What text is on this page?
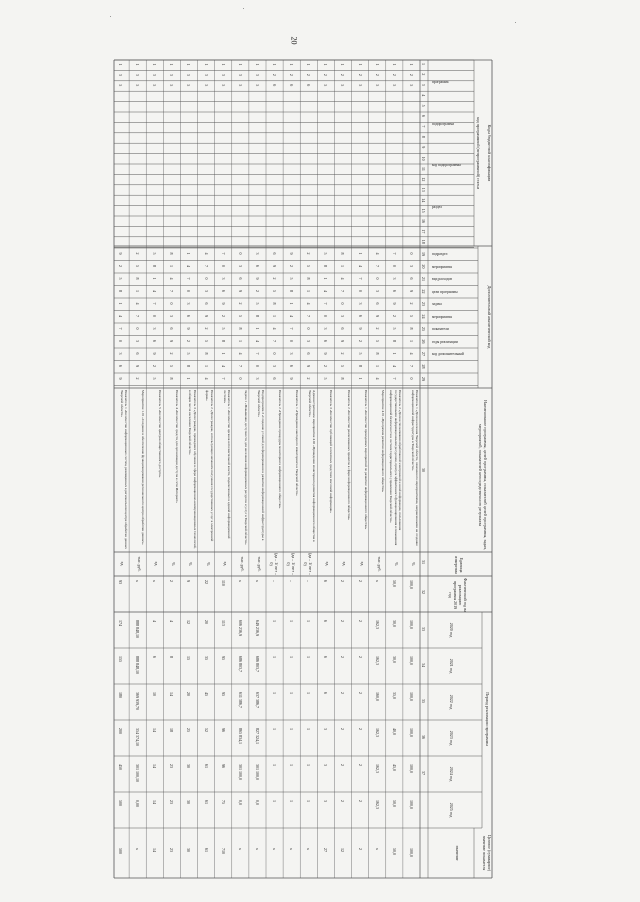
20
Коды бюджетной классификации
код программной (непрограммной) статьи
Дополнительный аналитический код
Наименование программы, целей программы, показателей целей программы, задач, мероприятий, показателей непосредственного результата
Единица измерения
Фактический год на реализацию программы 2019 год
Период реализации программы
Целевое (суммарное) значение показателя
значение
программа
подпрограмма
код подпрограммы
раздел
подраздел
мероприятия
вид расходов
цели программы
задача
мероприятия
показатели
годы реализации
код дополнительный
2020 год
2021 год
2022 год
2023 год
2024 год
2025 год
1
2
3
4
5
6
7
8
9
10
11
12
13
14
15
16
17
18
19
20
21
22
23
24
25
26
27
28
29
30
31
32
33
34
35
36
37
1
2
5
0
3
6
9
2
5
8
1
4
7
0
Показатель 1 «Доля населения Тверской области, охваченного мероприятиями, направленными на создание информационной инфраструктуры в Тверской области»
%
100,0
100,0
100,0
100,0
100,0
100,0
100,0
100,0
1
2
5
7
0
3
6
9
2
5
8
1
4
7
Показатель 2 «Доля использования обработанной электронной и иной информации, пользования государственными информационными ресурсами, пропуск эффективного функционирования и повышения информационной безопасности в системе территориального управления Тверской области»
%
50,0
30,0
30,0
35,0
40,0
45,0
50,0
50,0
1
2
5
4
7
0
3
6
9
2
5
8
1
4
Мероприятие 4.01 «Программа развития информационного общества»
тыс. руб.
х
162,3
162,3
160,0
162,3
162,3
162,3
х
1
2
5
1
4
7
0
3
6
9
2
5
8
1
Показатель 1 «Количество проводимых мероприятий по развитию информационного общества»
ед.
2
2
2
2
2
2
2
2
1
2
5
8
1
4
7
0
3
6
9
2
5
8
Показатель 2 «Количество реализованных проектов в сфере информационного общества»
ед.
2
2
2
2
2
2
2
12
1
2
5
5
8
1
4
7
0
3
6
9
2
5
Показатель 3 «Количество публикаций в печатных средствах массовой информации»
ед.
6
6
6
6
3
3
3
27
1
2
6
2
5
8
1
4
7
0
3
6
9
2
Административное мероприятие 4.02 «Проведение мониторинга развития информационного общества в Тверской области»
(да – 1/ нет – 0)
–
1
1
1
1
1
1
х
1
2
6
9
2
5
8
1
4
7
0
3
6
9
Показатель 1 «Проведение ежегодного мониторинга в Тверской области»
(да – 1/ нет – 0)
–
1
1
1
1
1
1
х
1
2
6
6
9
2
5
8
1
4
7
0
3
6
Показатель 2 «Проведение процедуры мониторинга информационного общества»
(да – 1/ нет – 0)
–
1
1
1
1
1
1
х
1
3
5
3
6
9
2
5
8
1
4
7
0
3
Подпрограмма 3 «Создание условий для формирования и развития информационной инфраструктуры в Тверской области»
тыс. руб.
х
649 236,9
686 803,7
637 386,7
827 324,1
301 100,0
0,0
х
1
3
5
0
3
6
9
2
5
8
1
4
7
0
Задача 1 «Повышение доступности для населения информационных ресурсов и услуг в Тверской области»
тыс. руб.
х
606 236,9
686 803,7
611 386,7
865 834,1
301 100,0
0,0
х
1
3
5
7
0
3
6
9
2
5
8
1
4
7
Показатель 1 «Количество органов исполнительной власти, подключенных к единой информационной системе»
ед.
110
113
95
95
96
96
75
710
1
3
5
4
7
0
3
6
9
2
5
8
1
4
Показатель 2 «Доля граждан, использующих механизм получения государственных услуг в электронной форме»
%
22
20
35
45
52
61
61
61
1
3
5
1
4
7
0
3
6
9
2
5
8
1
Показатель 3 «Доля граждан, прошедших обучение в сфере информационно-коммуникационных технологий, в общем числе населения Тверской области»
%
9
12
15
20
25
30
30
30
1
3
5
8
1
4
7
0
3
6
9
2
5
8
Показатель 4 «Количество средств для организации доступа к сети Интернет»
%
2
4
8
14
18
23
23
23
1
3
5
5
8
1
4
7
0
3
6
9
2
5
Показатель 5 «Количество центров общественного доступа»
ед.
х
4
6
10
14
14
14
14
1
3
5
2
5
8
1
4
7
0
3
6
9
2
Мероприятие 1.01 «Создание и обеспечение функционирования регионального центра обработки данных»
тыс. руб.
х
888 848,10
888 848,10
369 939,70
354 374,10
301 100,10
0,00
х
1
3
5
9
2
5
8
1
4
7
0
3
6
9
Показатель 1 «Количество информационных систем, размещенных в региональном центре обработки данных Тверской области»
ед.
93
174
155
180
200
450
500
500
